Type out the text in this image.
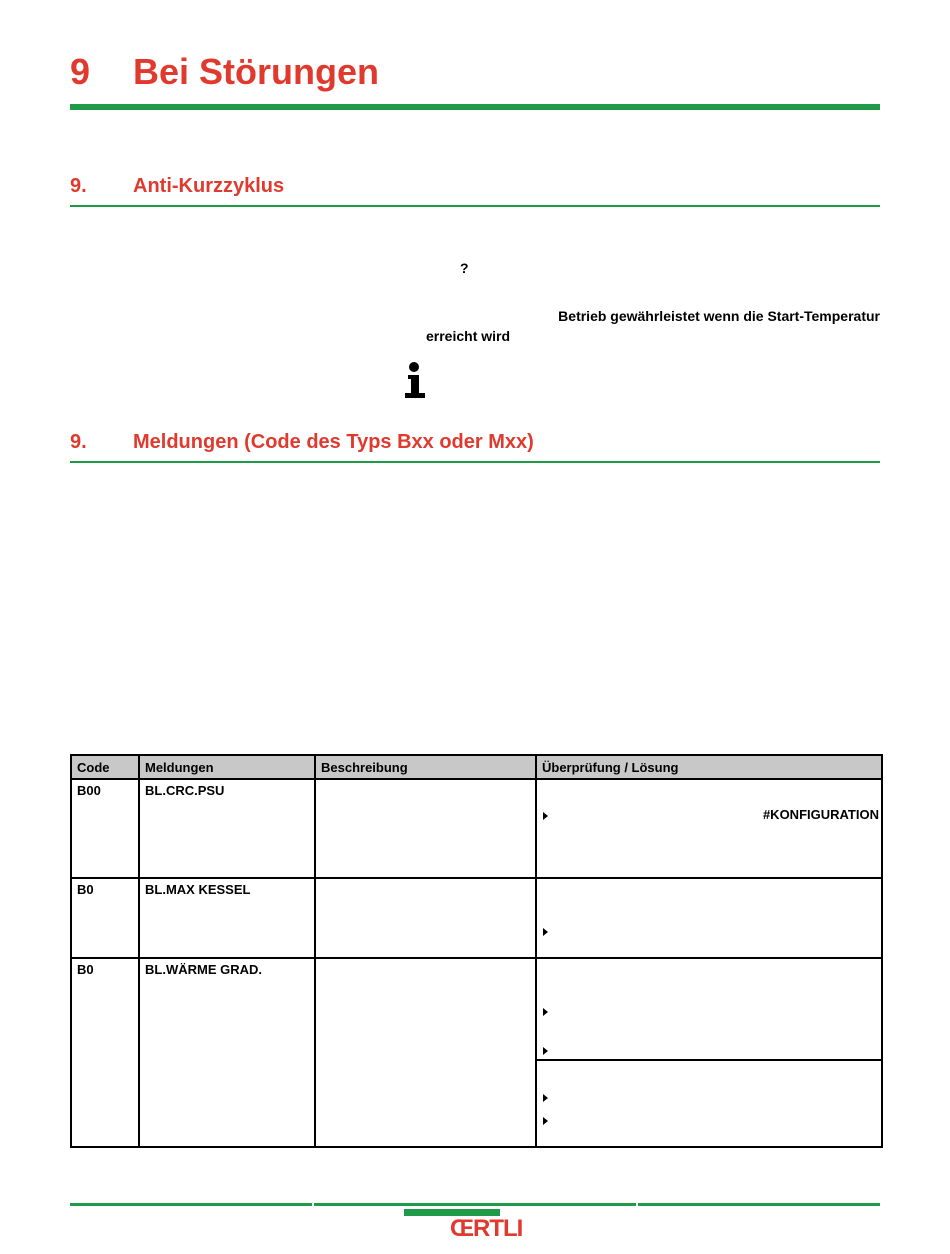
9 Bei Störungen
9. Anti-Kurzzyklus
?
Betrieb gewährleistet wenn die Start-Temperatur
erreicht wird
9. Meldungen (Code des Typs Bxx oder Mxx)
Code	Meldungen	Beschreibung	Überprüfung / Lösung
B00	BL.CRC.PSU		#KONFIGURATION

B0	BL.MAX KESSEL		

B0	BL.WÄRME GRAD.		
ŒRTLI
